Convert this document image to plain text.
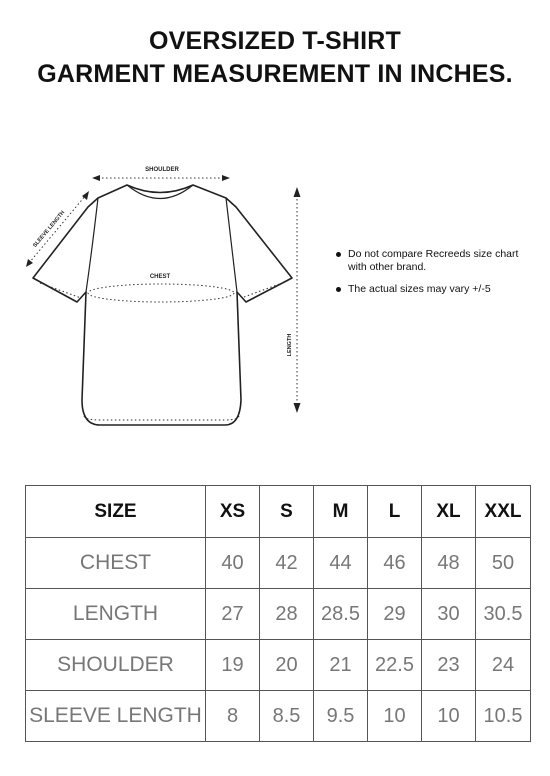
OVERSIZED T-SHIRT
GARMENT MEASUREMENT IN INCHES.
SHOULDER
CHEST
SLEEVE LENGTH
LENGTH
Do not compare Recreeds size chart with other brand.
The actual sizes may vary +/-5
SIZE	XS	S	M	L	XL	XXL
CHEST	40	42	44	46	48	50
LENGTH	27	28	28.5	29	30	30.5
SHOULDER	19	20	21	22.5	23	24
SLEEVE LENGTH	8	8.5	9.5	10	10	10.5
